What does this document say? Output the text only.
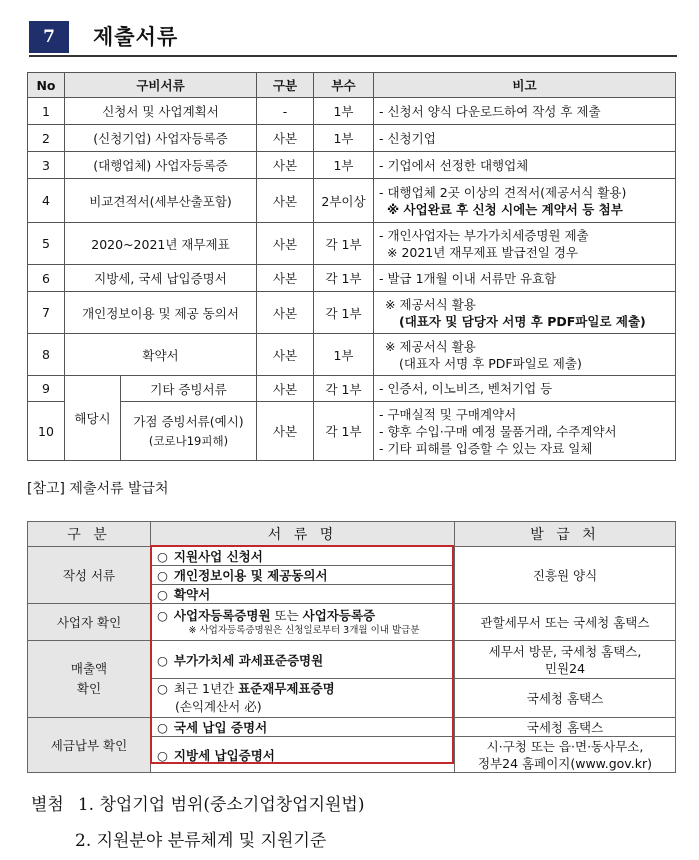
7	제출서류
No	구비서류		구분	부수	비고
1	신청서 및 사업계획서		-	1부	- 신청서 양식 다운로드하여 작성 후 제출
2	(신청기업) 사업자등록증		사본	1부	- 신청기업
3	(대행업체) 사업자등록증		사본	1부	- 기업에서 선정한 대행업체
4	비교견적서(세부산출포함)		사본	2부이상	- 대행업체 2곳 이상의 견적서(제공서식 활용)

※ 사업완료 후 신청 시에는 계약서 등 첨부

5	2020~2021년 재무제표		사본	각 1부	- 개인사업자는 부가가치세증명원 제출

※ 2021년 재무제표 발급전일 경우

6	지방세, 국세 납입증명서		사본	각 1부	- 발급 1개월 이내 서류만 유효함
7	개인정보이용 및 제공 동의서		사본	각 1부	※ 제공서식 활용

(대표자 및 담당자 서명 후 PDF파일로 제출)

8	확약서		사본	1부	※ 제공서식 활용

(대표자 서명 후 PDF파일로 제출)

9	해당시	기타 증빙서류	사본	각 1부	- 인증서, 이노비즈, 벤처기업 등
10		가점 증빙서류(예시)
(코로나19피해)	사본	각 1부	- 구매실적 및 구매계약서
- 향후 수입·구매 예정 물품거래, 수주계약서
- 기타 피해를 입증할 수 있는 자료 일체
[참고] 제출서류 발급처
구 분	서 류 명	발 급 처
작성 서류	○ 지원사업 신청서	진흥원 양식
	○ 개인정보이용 및 제공동의서	
	○ 확약서	
사업자 확인	○ 사업자등록증명원 또는 사업자등록증
※ 사업자등록증명원은 신청일로부터 3개월 이내 발급분	관할세무서 또는 국세청 홈택스
매출액
확인	○ 부가가치세 과세표준증명원	세무서 방문, 국세청 홈택스,
민원24
	○ 최근 1년간 표준재무제표증명
(손익계산서 必)	국세청 홈택스
세금납부 확인	○ 국세 납입 증명서	국세청 홈택스
	○ 지방세 납입증명서	시·구청 또는 읍·면·동사무소,
정부24 홈페이지(www.gov.kr)
별첨 1. 창업기업 범위(중소기업창업지원법)
2. 지원분야 분류체계 및 지원기준
